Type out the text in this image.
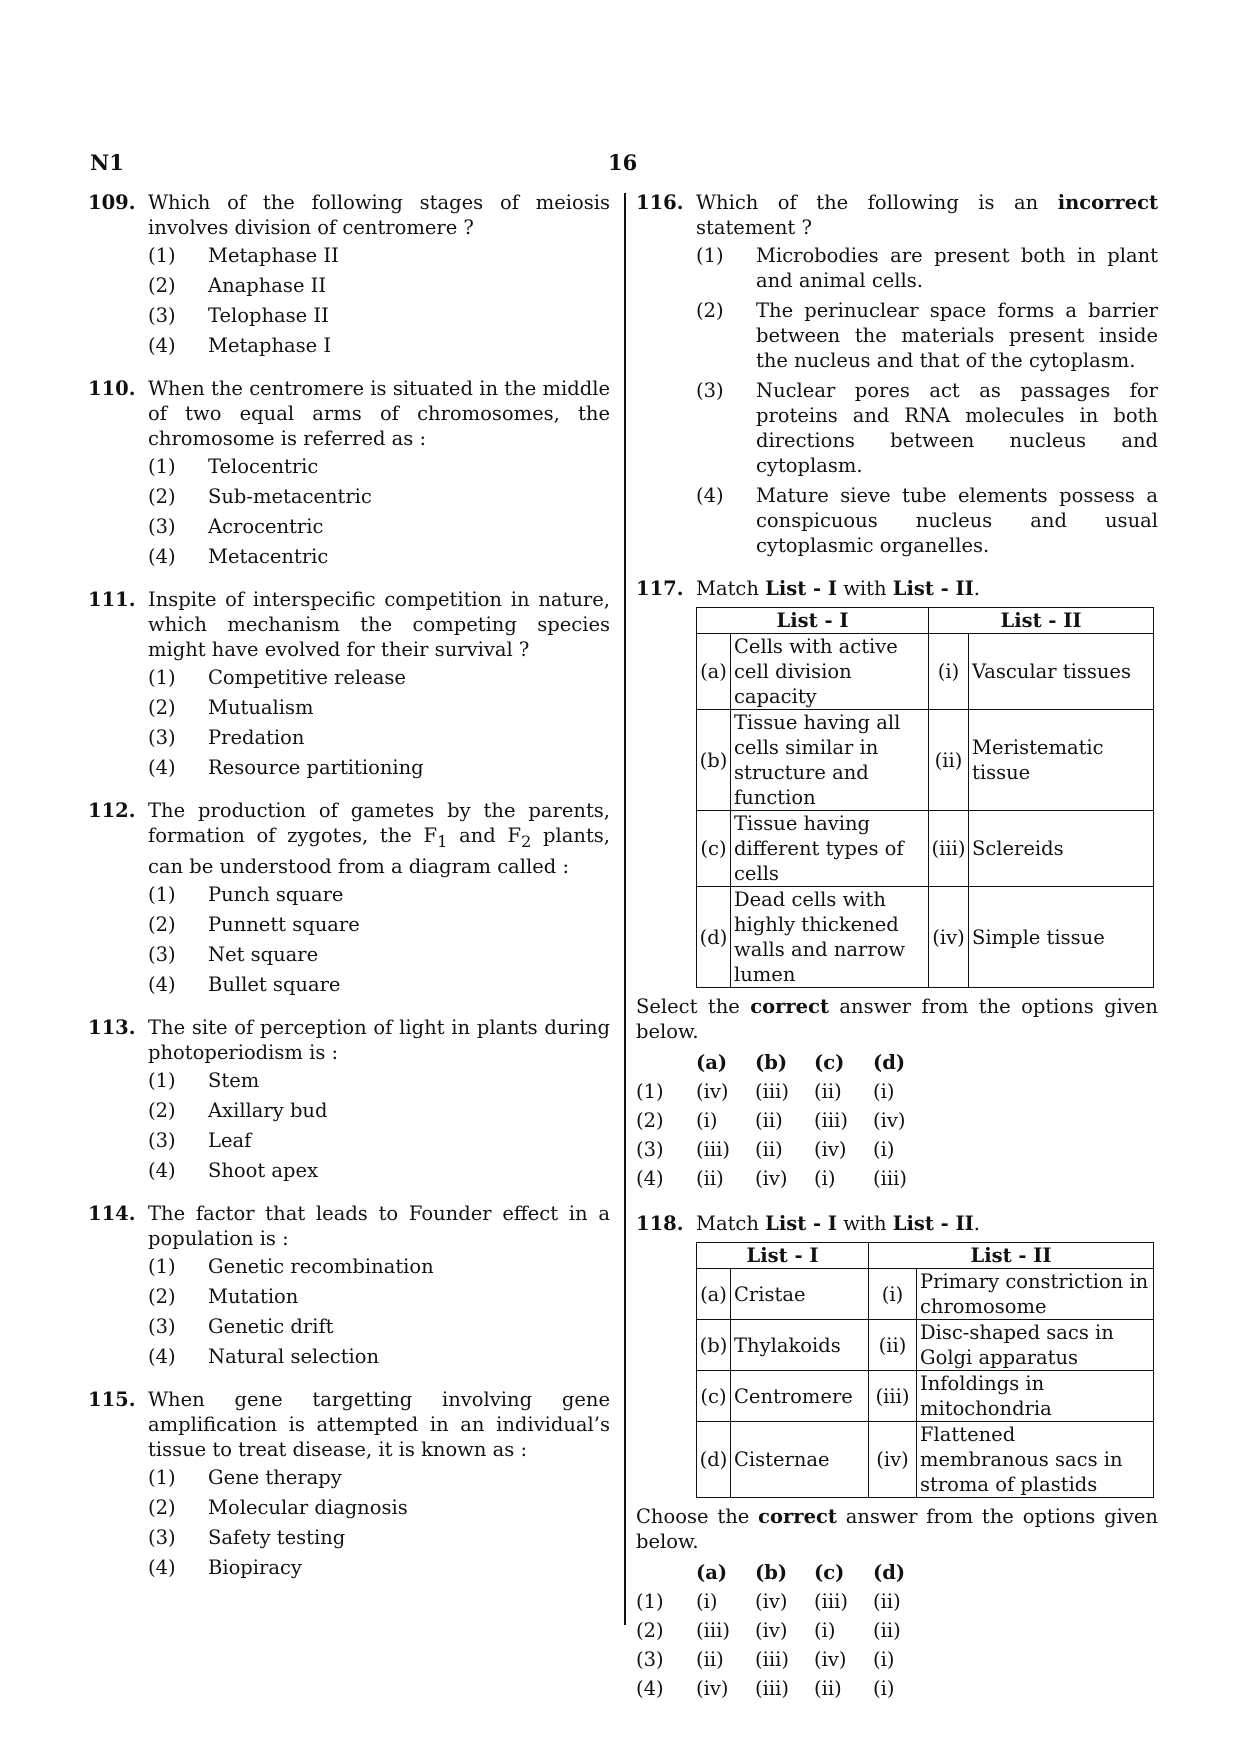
N1	16
109. Which of the following stages of meiosis involves division of centromere ?
(1) Metaphase II
(2) Anaphase II
(3) Telophase II
(4) Metaphase I
110. When the centromere is situated in the middle of two equal arms of chromosomes, the chromosome is referred as :
(1) Telocentric
(2) Sub-metacentric
(3) Acrocentric
(4) Metacentric
111. Inspite of interspecific competition in nature, which mechanism the competing species might have evolved for their survival ?
(1) Competitive release
(2) Mutualism
(3) Predation
(4) Resource partitioning
112. The production of gametes by the parents, formation of zygotes, the $F_1$ and $F_2$ plants, can be understood from a diagram called :
(1) Punch square
(2) Punnett square
(3) Net square
(4) Bullet square
113. The site of perception of light in plants during photoperiodism is :
(1) Stem
(2) Axillary bud
(3) Leaf
(4) Shoot apex
114. The factor that leads to Founder effect in a population is :
(1) Genetic recombination
(2) Mutation
(3) Genetic drift
(4) Natural selection
115. When gene targetting involving gene amplification is attempted in an individual’s tissue to treat disease, it is known as :
(1) Gene therapy
(2) Molecular diagnosis
(3) Safety testing
(4) Biopiracy
116. Which of the following is an incorrect statement ?
(1) Microbodies are present both in plant and animal cells.
(2) The perinuclear space forms a barrier between the materials present inside the nucleus and that of the cytoplasm.
(3) Nuclear pores act as passages for proteins and RNA molecules in both directions between nucleus and cytoplasm.
(4) Mature sieve tube elements possess a conspicuous nucleus and usual cytoplasmic organelles.
117. Match List - I with List - II.
List - I		List - II	
(a)	Cells with active cell division capacity	(i)	Vascular tissues
(b)	Tissue having all cells similar in structure and function	(ii)	Meristematic tissue
(c)	Tissue having different types of cells	(iii)	Sclereids
(d)	Dead cells with highly thickened walls and narrow lumen	(iv)	Simple tissue
Select the correct answer from the options given below.
	(a)	(b)	(c)	(d)
(1)	(iv)	(iii)	(ii)	(i)
(2)	(i)	(ii)	(iii)	(iv)
(3)	(iii)	(ii)	(iv)	(i)
(4)	(ii)	(iv)	(i)	(iii)
118. Match List - I with List - II.
List - I		List - II	
(a)	Cristae	(i)	Primary constriction in chromosome
(b)	Thylakoids	(ii)	Disc-shaped sacs in Golgi apparatus
(c)	Centromere	(iii)	Infoldings in mitochondria
(d)	Cisternae	(iv)	Flattened membranous sacs in stroma of plastids
Choose the correct answer from the options given below.
	(a)	(b)	(c)	(d)
(1)	(i)	(iv)	(iii)	(ii)
(2)	(iii)	(iv)	(i)	(ii)
(3)	(ii)	(iii)	(iv)	(i)
(4)	(iv)	(iii)	(ii)	(i)
